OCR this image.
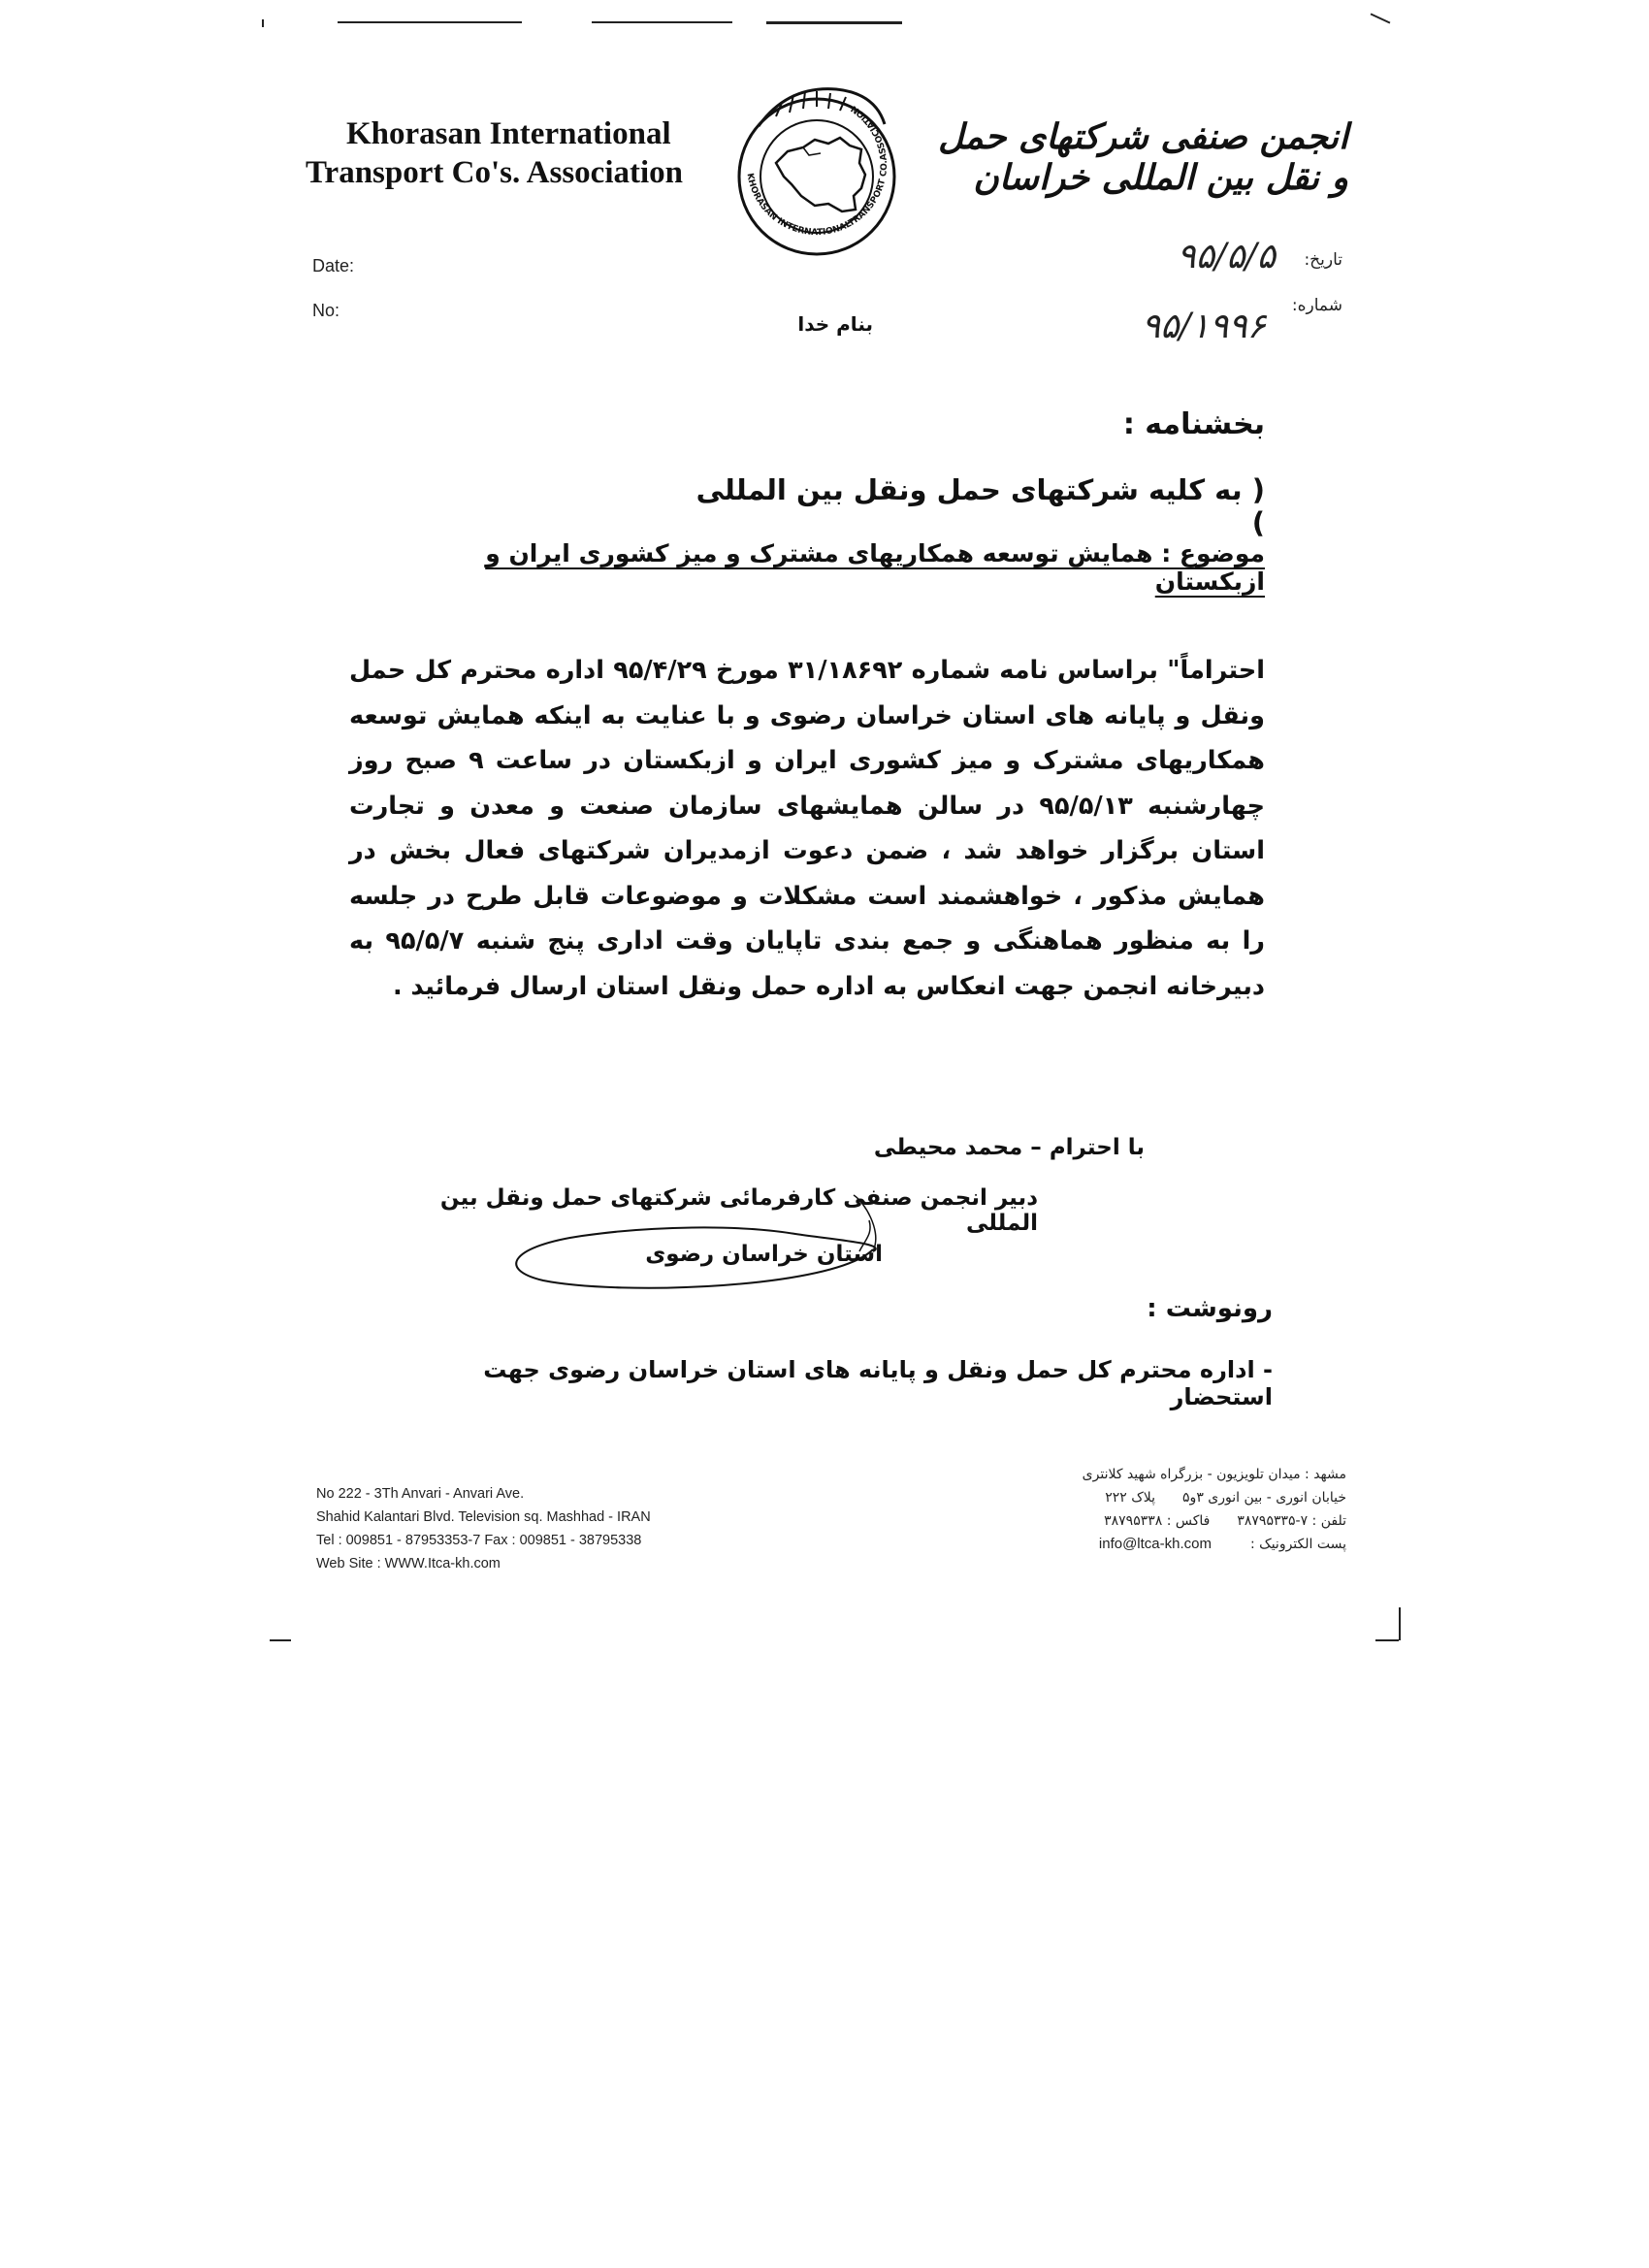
Khorasan International
Transport Co's. Association	KHORASAN INTERNATIONALTRANSPORT CO.ASSOCIATION
انجمن صنفی شرکتهای حمل و نقل بین المللی خراسان
Date:
No:
تاریخ:
شماره:
۹۵/۵/۵
۹۵/۱۹۹۶
بنام خدا
بخشنامه :
( به کلیه شرکتهای حمل ونقل بین المللی )
موضوع : همایش توسعه همکاریهای مشترک و میز کشوری ایران و ازبکستان

احتراماً" براساس نامه شماره ۳۱/۱۸۶۹۲ مورخ ۹۵/۴/۲۹ اداره محترم کل حمل ونقل و پایانه های استان خراسان رضوی و با عنایت به اینکه همایش توسعه همکاریهای مشترک و میز کشوری ایران و ازبکستان در ساعت ۹ صبح روز چهارشنبه ۹۵/۵/۱۳ در سالن همایشهای سازمان صنعت و معدن و تجارت استان برگزار خواهد شد ، ضمن دعوت ازمدیران شرکتهای فعال بخش در همایش مذکور ، خواهشمند است مشکلات و موضوعات قابل طرح در جلسه را به منظور هماهنگی و جمع بندی تاپایان وقت اداری پنج شنبه ۹۵/۵/۷ به دبیرخانه انجمن جهت انعکاس به اداره حمل ونقل استان ارسال فرمائید .

با احترام – محمد محیطی
دبیر انجمن صنفی کارفرمائی شرکتهای حمل ونقل بین المللی
استان خراسان رضوی
رونوشت :
- اداره محترم کل حمل ونقل و پایانه های استان خراسان رضوی جهت استحضار
No 222 - 3Th Anvari - Anvari Ave.
Shahid Kalantari Blvd. Television sq. Mashhad - IRAN
Tel : 009851 - 87953353-7 Fax : 009851 - 38795338
Web Site : WWW.Itca-kh.com
مشهد : میدان تلویزیون - بزرگراه شهید کلانتری
خیابان انوری - بین انوری ۳و۵
پلاک ۲۲۲
تلفن : ۷-۳۸۷۹۵۳۳۵
فاکس : ۳۸۷۹۵۳۳۸
پست الکترونیک :
info@ltca-kh.com
